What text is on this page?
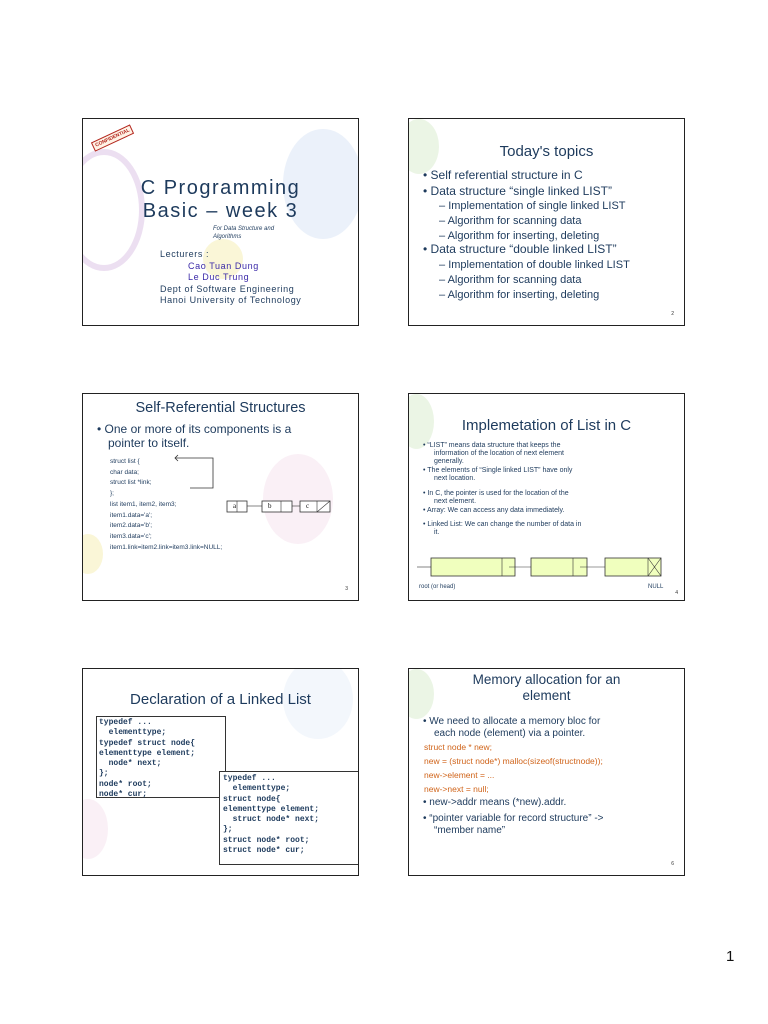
CONFIDENTIAL
C Programming
Basic – week 3
For Data Structure and
Algorithms
Lecturers :
Cao Tuan Dung
Le Duc Trung
Dept of Software Engineering
Hanoi University of Technology
Today's topics
• Self referential structure in C
• Data structure “single linked LIST”
– Implementation of single linked LIST
– Algorithm for scanning data
– Algorithm for inserting, deleting
• Data structure “double linked LIST”
– Implementation of double linked LIST
– Algorithm for scanning data
– Algorithm for inserting, deleting
2
Self-Referential Structures
• One or more of its components is a
pointer to itself.
struct list {
char data;
struct list *link;
};
list item1, item2, item3;
item1.data='a';
item2.data='b';
item3.data='c';
item1.link=item2.link=item3.link=NULL;
a	b	c
3
Implemetation of List in C
• “LIST” means data structure that keeps the
information of the location of next element
generally.
• The elements of “Single linked LIST” have only
next location.
• In C, the pointer is used for the location of the
next element.
• Array: We can access any data immediately.
• Linked List: We can change the number of data in
it.
root (or head)	NULL
4
Declaration of a Linked List
typedef ...
elementtype;
typedef struct node{
elementtype element;
node* next;
};
node* root;
node* cur;
typedef ...
elementtype;
struct node{
elementtype element;
struct node* next;
};
struct node* root;
struct node* cur;
Memory allocation for an
element
• We need to allocate a memory bloc for
each node (element) via a pointer.
struct node * new;
new = (struct node*) malloc(sizeof(structnode));
new->element = ...
new->next = null;
• new->addr means (*new).addr.
• “pointer variable for record structure” ->
“member name”
6
1
